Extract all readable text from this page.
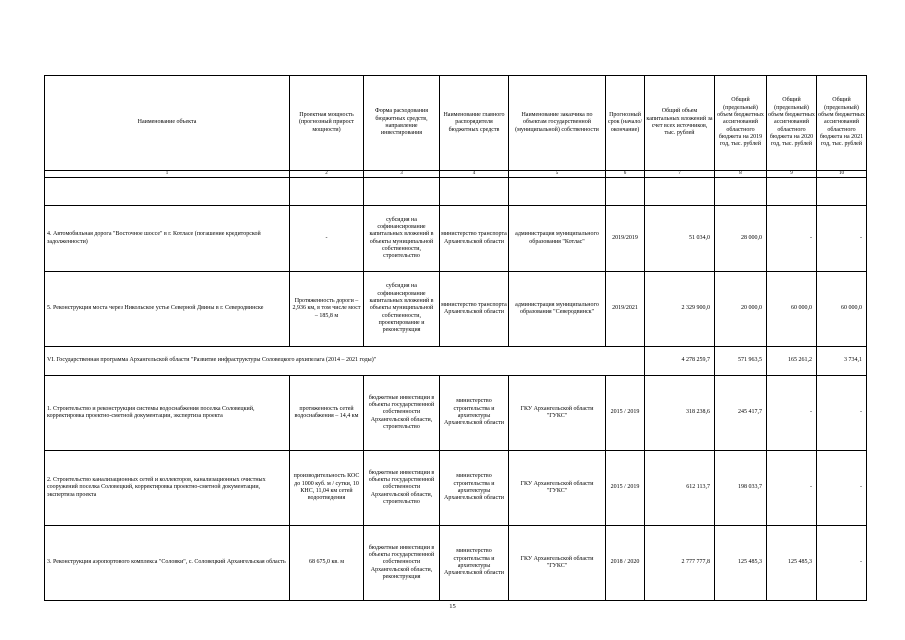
Наименование объекта	Проектная мощность (прогнозный прирост мощности)	Форма расходования бюджетных средств, направление инвестирования	Наименование главного распорядителя бюджетных средств	Наименование заказчика по объектам государственной (муниципальной) собственности	Прогнозный срок (начало/окончание)	Общий объем капитальных вложений за счет всех источников, тыс. рублей	Общий (предельный) объем бюджетных ассигнований областного бюджета на 2019 год, тыс. рублей	Общий (предельный) объем бюджетных ассигнований областного бюджета на 2020 год, тыс. рублей	Общий (предельный) объем бюджетных ассигнований областного бюджета на 2021 год, тыс. рублей
1	2	3	4	5	6	7	8	9	10

4. Автомобильная дорога "Восточное шоссе" в г. Котласе (погашение кредиторской задолженности)	-	субсидия на софинансирование капитальных вложений в объекты муниципальной собственности, строительство	министерство транспорта Архангельской области	администрация муниципального образования "Котлас"	2019/2019	51 034,0	28 000,0	-	-
5. Реконструкция моста через Никольское устье Северной Двины в г. Северодвинске	Протяженность дороги – 2,936 км, в том числе мост – 185,8 м	субсидия на софинансирование капитальных вложений в объекты муниципальной собственности, проектирование и реконструкция	министерство транспорта Архангельской области	администрация муниципального образования "Северодвинск"	2019/2021	2 329 900,0	20 000,0	60 000,0	60 000,0
VI. Государственная программа Архангельской области "Развитие инфраструктуры Соловецкого архипелага (2014 – 2021 годы)"						4 278 259,7	571 963,5	165 261,2	3 734,1
1. Строительство и реконструкция системы водоснабжения поселка Соловецкий, корректировка проектно-сметной документации, экспертиза проекта	протяженность сетей водоснабжения – 14,4 км	бюджетные инвестиции в объекты государственной собственности Архангельской области, строительство	министерство строительства и архитектуры Архангельской области	ГКУ Архангельской области "ГУКС"	2015 / 2019	318 238,6	245 417,7	-	-
2. Строительство канализационных сетей и коллекторов, канализационных очистных сооружений поселка Соловецкий, корректировка проектно-сметной документации, экспертиза проекта	производительность КОС до 1000 куб. м / сутки, 10 КНС, 11,04 км сетей водоотведения	бюджетные инвестиции в объекты государственной собственности Архангельской области, строительство	министерство строительства и архитектуры Архангельской области	ГКУ Архангельской области "ГУКС"	2015 / 2019	612 113,7	198 033,7	-	-
3. Реконструкция аэропортового комплекса "Соловки", с. Соловецкий Архангельская область	68 675,0 кв. м	бюджетные инвестиции в объекты государственной собственности Архангельской области, реконструкция	министерство строительства и архитектуры Архангельской области	ГКУ Архангельской области "ГУКС"	2018 / 2020	2 777 777,8	125 485,3	125 485,3	-
15
